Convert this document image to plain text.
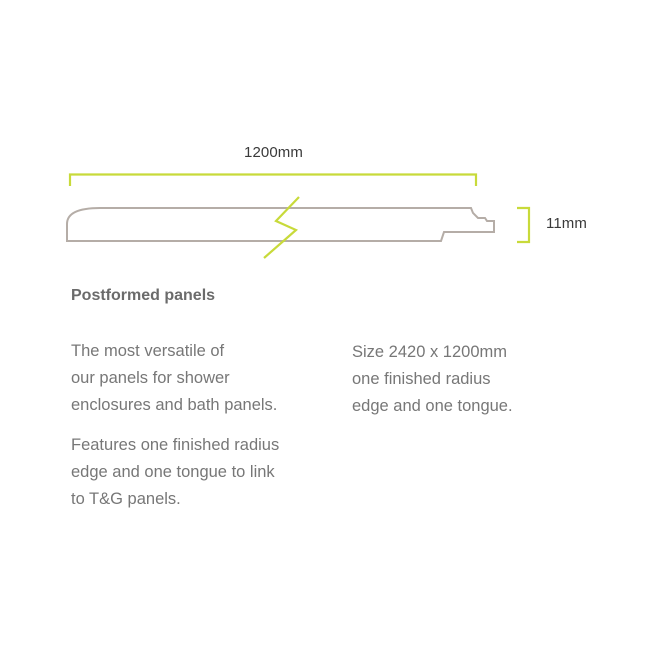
1200mm
11mm
Postformed panels

The most versatile of
our panels for shower
enclosures and bath panels.

Features one finished radius
edge and one tongue to link
to T&G panels.

Size 2420 x 1200mm
one finished radius
edge and one tongue.
